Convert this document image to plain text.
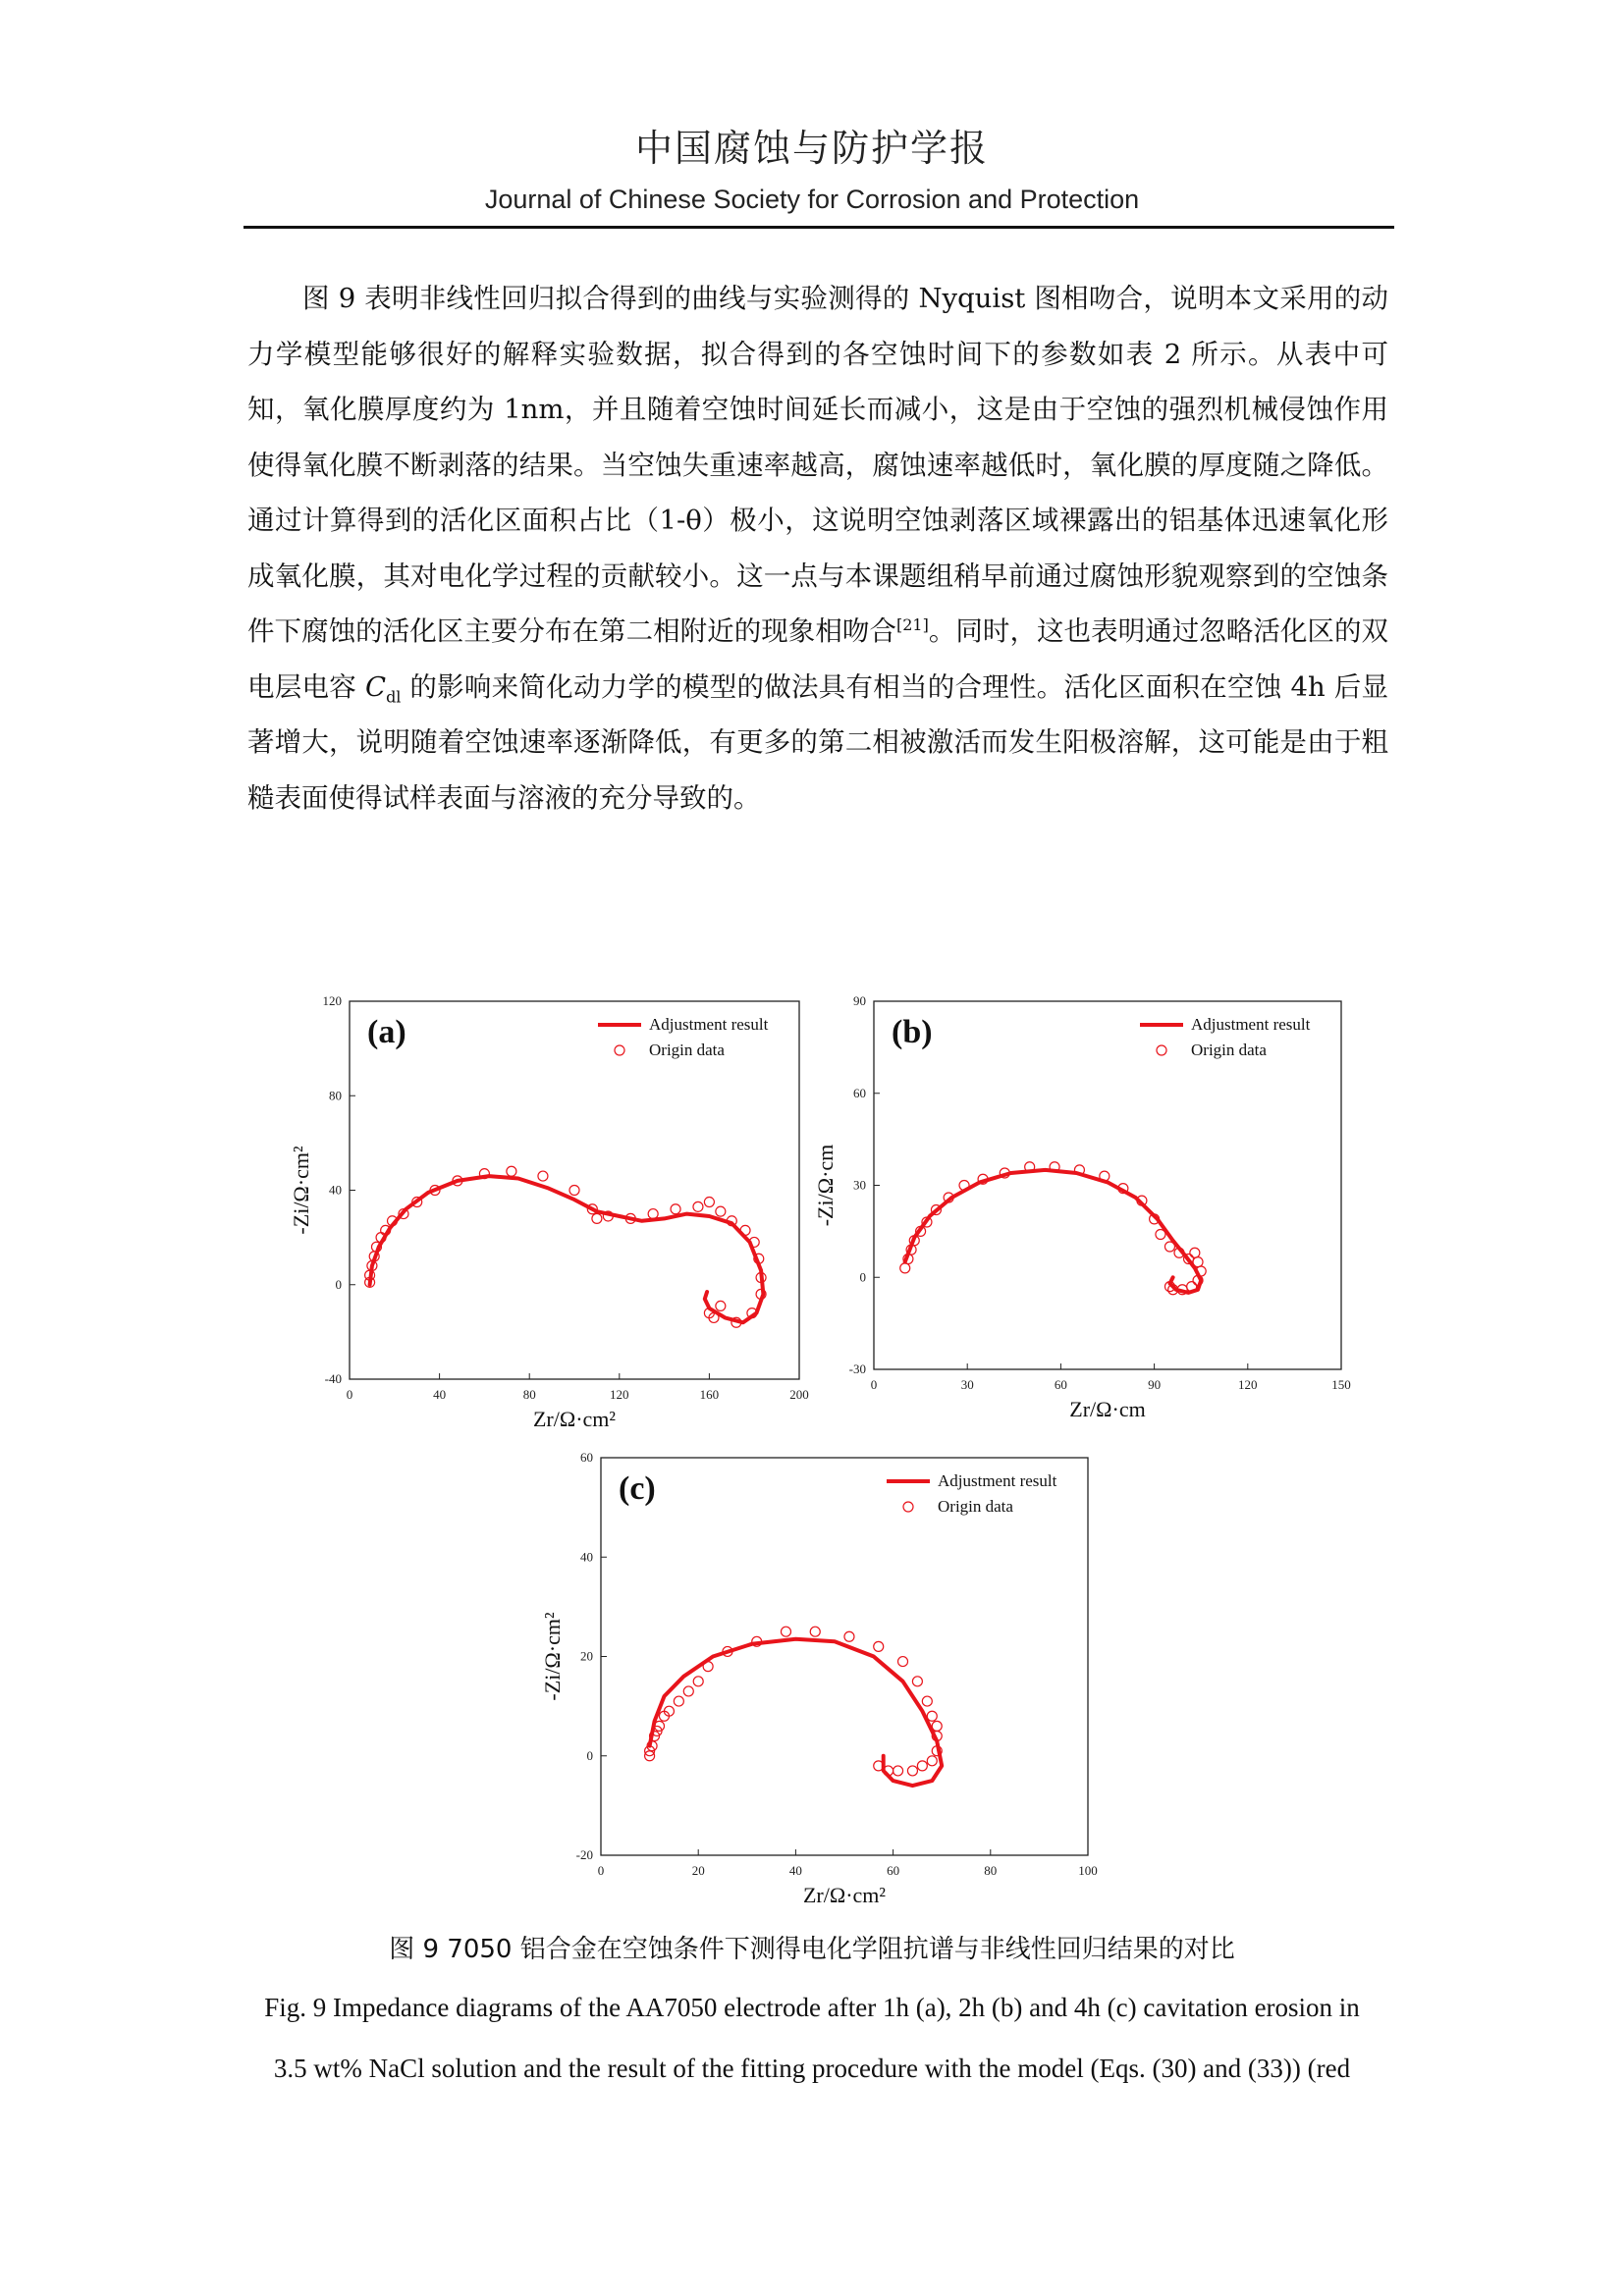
中国腐蚀与防护学报
Journal of Chinese Society for Corrosion and Protection

图 9 表明非线性回归拟合得到的曲线与实验测得的 Nyquist 图相吻合，说明本文采用的动力学模型能够很好的解释实验数据，拟合得到的各空蚀时间下的参数如表 2 所示。从表中可知，氧化膜厚度约为 1nm，并且随着空蚀时间延长而减小，这是由于空蚀的强烈机械侵蚀作用使得氧化膜不断剥落的结果。当空蚀失重速率越高，腐蚀速率越低时，氧化膜的厚度随之降低。通过计算得到的活化区面积占比（1-θ）极小，这说明空蚀剥落区域裸露出的铝基体迅速氧化形成氧化膜，其对电化学过程的贡献较小。这一点与本课题组稍早前通过腐蚀形貌观察到的空蚀条件下腐蚀的活化区主要分布在第二相附近的现象相吻合[21]。同时，这也表明通过忽略活化区的双电层电容 $C_{dl}$ 的影响来简化动力学的模型的做法具有相当的合理性。活化区面积在空蚀 4h 后显著增大，说明随着空蚀速率逐渐降低，有更多的第二相被激活而发生阳极溶解，这可能是由于粗糙表面使得试样表面与溶液的充分导致的。

0	40	80	120	160	200
-40
0
40
80
120
Zr/Ω·cm²
-Zi/Ω·cm²
(a)	Adjustment result
Origin data
0	30	60	90	120	150
-30
0
30
60
90
Zr/Ω·cm
-Zi/Ω·cm
(b)	Adjustment result
Origin data
0	20	40	60	80	100
-20
0
20
40
60
Zr/Ω·cm²
-Zi/Ω·cm²
(c)	Adjustment result
Origin data
图 9 7050 铝合金在空蚀条件下测得电化学阻抗谱与非线性回归结果的对比
Fig. 9 Impedance diagrams of the AA7050 electrode after 1h (a), 2h (b) and 4h (c) cavitation erosion in
3.5 wt% NaCl solution and the result of the fitting procedure with the model (Eqs. (30) and (33)) (red
